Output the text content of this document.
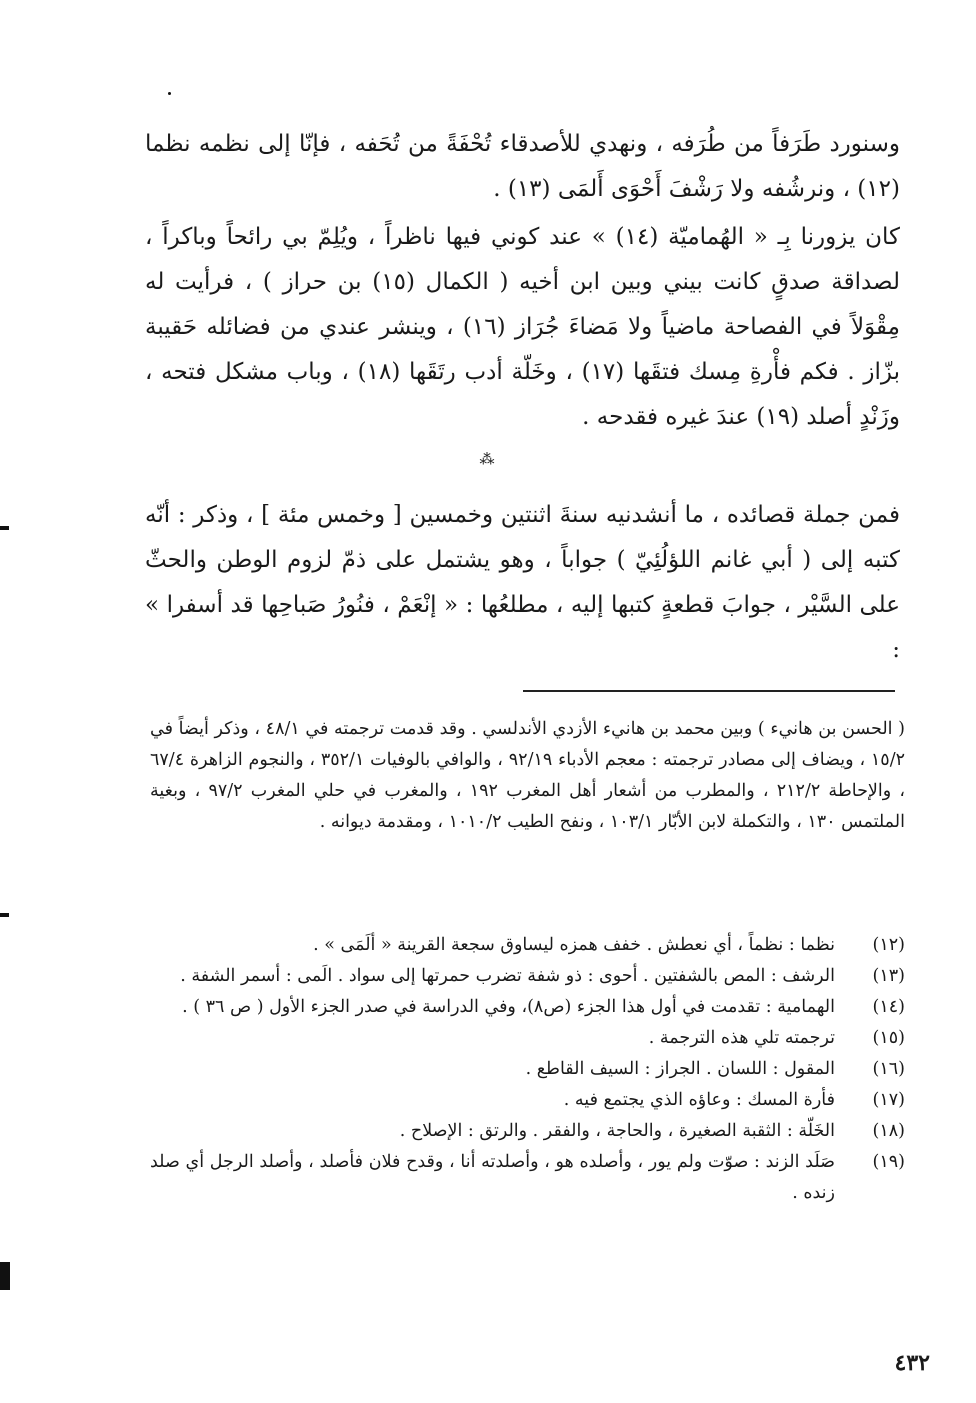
وسنورد طَرَفاً من طُرَفه ، ونهدي للأصدقاء تُحْفَةً من تُحَفه ، فإنّا إلى نظمه نظما (١٢) ، ونرشُفه ولا رَشْفَ أَحْوَى أَلمَى (١٣) .

كان يزورنا بِـ « الهُماميّة (١٤) » عند كوني فيها ناظراً ، ويُلِمّ بي رائحاً وباكراً ، لصداقة صدقٍ كانت بيني وبين ابن أخيه ( الكمال (١٥) بن حراز ) ، فرأيت له مِقْوَلاً في الفصاحة ماضياً ولا مَضاءَ جُرَاز (١٦) ، وينشر عندي من فضائله حَقيبة بزّاز . فكم فأْرةِ مِسك فتقَها (١٧) ، وخَلّة أدب رتَقَها (١٨) ، وباب مشكل فتحه ، وزَنْدٍ أصلد (١٩) عندَ غيره فقدحه .

⁂

فمن جملة قصائده ، ما أنشدنيه سنةَ اثنتين وخمسين [ وخمس مئة ] ، وذكر : أنّه كتبه إلى ( أبي غانم اللؤلُئِيّ ) جواباً ، وهو يشتمل على ذمّ لزوم الوطن والحثّ على السَّيْر ، جوابَ قطعةٍ كتبها إليه ، مطلعُها : « إنْعَمْ ، فنُورُ صَباحِها قد أسفرا » :

( الحسن بن هانيء ) وبين محمد بن هانيء الأزدي الأندلسي . وقد قدمت ترجمته في ٤٨/١ ، وذكر أيضاً في ١٥/٢ ، ويضاف إلى مصادر ترجمته : معجم الأدباء ٩٢/١٩ ، والوافي بالوفيات ٣٥٢/١ ، والنجوم الزاهرة ٦٧/٤ ، والإحاطة ٢١٢/٢ ، والمطرب من أشعار أهل المغرب ١٩٢ ، والمغرب في حلي المغرب ٩٧/٢ ، وبغية الملتمس ١٣٠ ، والتكملة لابن الأبّار ١٠٣/١ ، ونفح الطيب ١٠١٠/٢ ، ومقدمة ديوانه .
(١٢)
نظما : نظماً ، أي نعطش . خفف همزه ليساوق سجعة القرينة « ألَمَى » .
(١٣)
الرشف : المص بالشفتين . أحوى : ذو شفة تضرب حمرتها إلى سواد . الَمى : أسمر الشفة .
(١٤)
الهمامية : تقدمت في أول هذا الجزء (ص٨)، وفي الدراسة في صدر الجزء الأول ( ص ٣٦ ) .
(١٥)
ترجمته تلي هذه الترجمة .
(١٦)
المقول : اللسان . الجراز : السيف القاطع .
(١٧)
فأرة المسك : وعاؤه الذي يجتمع فيه .
(١٨)
الخَلّة : الثقبة الصغيرة ، والحاجة ، والفقر . والرتق : الإصلاح .
(١٩)
صَلَد الزند : صوّت ولم يور ، وأصلده هو ، وأصلدته أنا ، وقدح فلان فأصلد ، وأصلد الرجل أي صلد زنده .
٤٣٢
